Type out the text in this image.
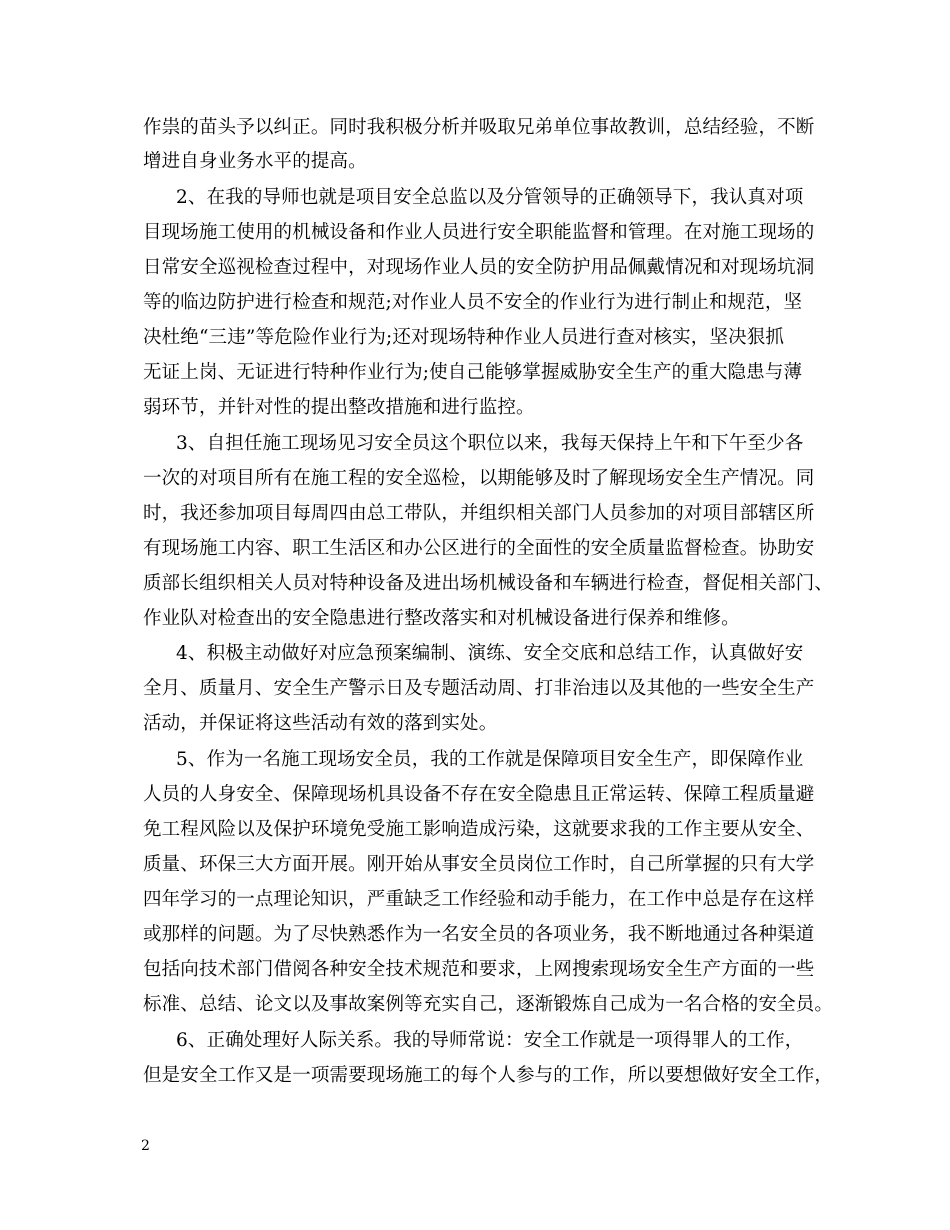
作祟的苗头予以纠正。同时我积极分析并吸取兄弟单位事故教训，总结经验，不断
增进自身业务水平的提高。
2、在我的导师也就是项目安全总监以及分管领导的正确领导下，我认真对项
目现场施工使用的机械设备和作业人员进行安全职能监督和管理。在对施工现场的
日常安全巡视检查过程中，对现场作业人员的安全防护用品佩戴情况和对现场坑洞
等的临边防护进行检查和规范;对作业人员不安全的作业行为进行制止和规范，坚
决杜绝“三违”等危险作业行为;还对现场特种作业人员进行查对核实，坚决狠抓
无证上岗、无证进行特种作业行为;使自己能够掌握威胁安全生产的重大隐患与薄
弱环节，并针对性的提出整改措施和进行监控。
3、自担任施工现场见习安全员这个职位以来，我每天保持上午和下午至少各
一次的对项目所有在施工程的安全巡检，以期能够及时了解现场安全生产情况。同
时，我还参加项目每周四由总工带队，并组织相关部门人员参加的对项目部辖区所
有现场施工内容、职工生活区和办公区进行的全面性的安全质量监督检查。协助安
质部长组织相关人员对特种设备及进出场机械设备和车辆进行检查，督促相关部门、
作业队对检查出的安全隐患进行整改落实和对机械设备进行保养和维修。
4、积极主动做好对应急预案编制、演练、安全交底和总结工作，认真做好安
全月、质量月、安全生产警示日及专题活动周、打非治违以及其他的一些安全生产
活动，并保证将这些活动有效的落到实处。
5、作为一名施工现场安全员，我的工作就是保障项目安全生产，即保障作业
人员的人身安全、保障现场机具设备不存在安全隐患且正常运转、保障工程质量避
免工程风险以及保护环境免受施工影响造成污染，这就要求我的工作主要从安全、
质量、环保三大方面开展。刚开始从事安全员岗位工作时，自己所掌握的只有大学
四年学习的一点理论知识，严重缺乏工作经验和动手能力，在工作中总是存在这样
或那样的问题。为了尽快熟悉作为一名安全员的各项业务，我不断地通过各种渠道
包括向技术部门借阅各种安全技术规范和要求，上网搜索现场安全生产方面的一些
标准、总结、论文以及事故案例等充实自己，逐渐锻炼自己成为一名合格的安全员。
6、正确处理好人际关系。我的导师常说：安全工作就是一项得罪人的工作，
但是安全工作又是一项需要现场施工的每个人参与的工作，所以要想做好安全工作，
2
